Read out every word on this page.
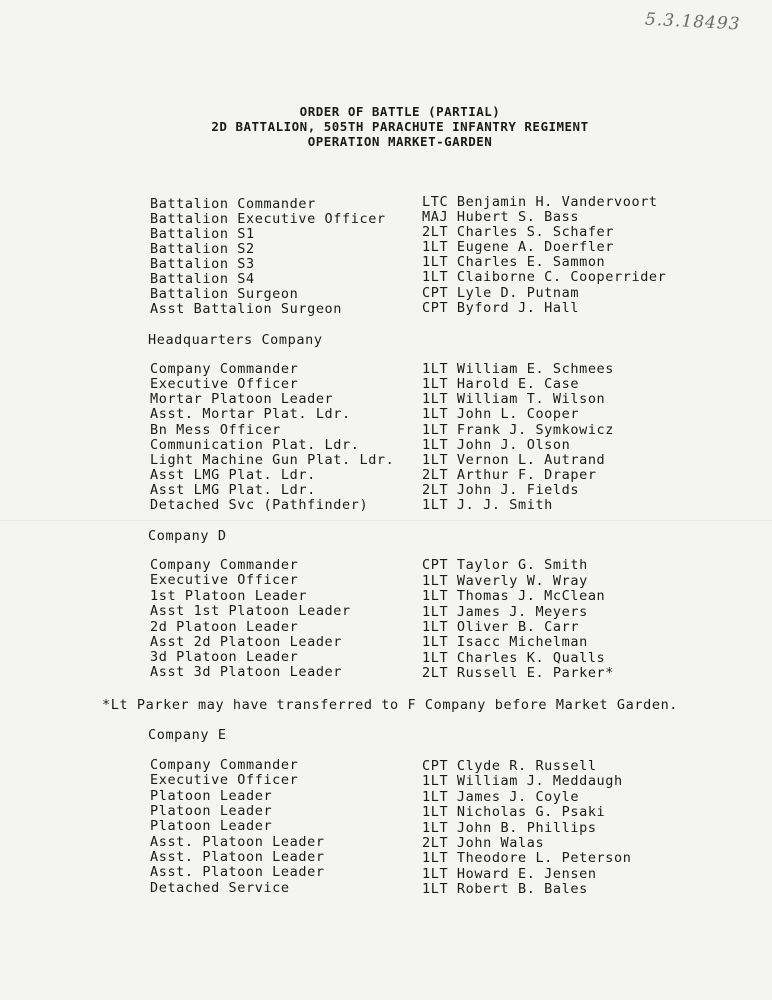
5.3.18493
ORDER OF BATTLE (PARTIAL)
2D BATTALION, 505TH PARACHUTE INFANTRY REGIMENT
OPERATION MARKET-GARDEN
Battalion Commander	LTC Benjamin H. Vandervoort
Battalion Executive Officer	MAJ Hubert S. Bass
Battalion S1	2LT Charles S. Schafer
Battalion S2	1LT Eugene A. Doerfler
Battalion S3	1LT Charles E. Sammon
Battalion S4	1LT Claiborne C. Cooperrider
Battalion Surgeon	CPT Lyle D. Putnam
Asst Battalion Surgeon	CPT Byford J. Hall
Headquarters Company
Company Commander	1LT William E. Schmees
Executive Officer	1LT Harold E. Case
Mortar Platoon Leader	1LT William T. Wilson
Asst. Mortar Plat. Ldr.	1LT John L. Cooper
Bn Mess Officer	1LT Frank J. Symkowicz
Communication Plat. Ldr.	1LT John J. Olson
Light Machine Gun Plat. Ldr. 1LT Vernon L. Autrand
Asst LMG Plat. Ldr.	2LT Arthur F. Draper
Asst LMG Plat. Ldr.	2LT John J. Fields
Detached Svc (Pathfinder)	1LT J. J. Smith
Company D
Company Commander	CPT Taylor G. Smith
Executive Officer	1LT Waverly W. Wray
1st Platoon Leader	1LT Thomas J. McClean
Asst 1st Platoon Leader	1LT James J. Meyers
2d Platoon Leader	1LT Oliver B. Carr
Asst 2d Platoon Leader	1LT Isacc Michelman
3d Platoon Leader	1LT Charles K. Qualls
Asst 3d Platoon Leader	2LT Russell E. Parker*
*Lt Parker may have transferred to F Company before Market Garden.
Company E
Company Commander	CPT Clyde R. Russell
Executive Officer	1LT William J. Meddaugh
Platoon Leader	1LT James J. Coyle
Platoon Leader	1LT Nicholas G. Psaki
Platoon Leader	1LT John B. Phillips
Asst. Platoon Leader	2LT John Walas
Asst. Platoon Leader	1LT Theodore L. Peterson
Asst. Platoon Leader	1LT Howard E. Jensen
Detached Service	1LT Robert B. Bales
